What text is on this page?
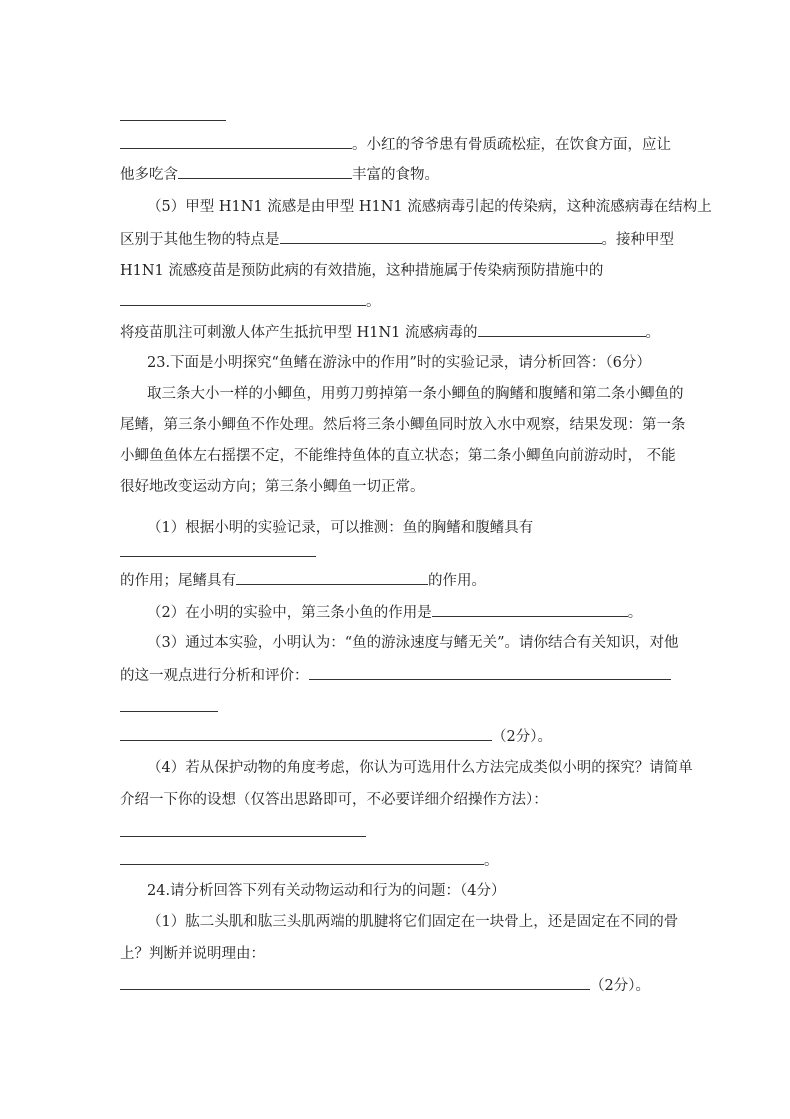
。小红的爷爷患有骨质疏松症，在饮食方面，应让
他多吃含	丰富的食物。
（5）甲型 H1N1 流感是由甲型 H1N1 流感病毒引起的传染病，这种流感病毒在结构上
区别于其他生物的特点是	。接种甲型
H1N1 流感疫苗是预防此病的有效措施，这种措施属于传染病预防措施中的
。
将疫苗肌注可刺激人体产生抵抗甲型 H1N1 流感病毒的	。
23.下面是小明探究“鱼鳍在游泳中的作用”时的实验记录，请分析回答：（6分）
取三条大小一样的小鲫鱼，用剪刀剪掉第一条小鲫鱼的胸鳍和腹鳍和第二条小鲫鱼的
尾鳍，第三条小鲫鱼不作处理。然后将三条小鲫鱼同时放入水中观察，结果发现：第一条
小鲫鱼鱼体左右摇摆不定，不能维持鱼体的直立状态；第二条小鲫鱼向前游动时， 不能
很好地改变运动方向；第三条小鲫鱼一切正常。
（1）根据小明的实验记录，可以推测：鱼的胸鳍和腹鳍具有
的作用；尾鳍具有	的作用。
（2）在小明的实验中，第三条小鱼的作用是	。
（3）通过本实验，小明认为：“鱼的游泳速度与鳍无关”。请你结合有关知识，对他
的这一观点进行分析和评价：
（2分）。
（4）若从保护动物的角度考虑，你认为可选用什么方法完成类似小明的探究？请简单
介绍一下你的设想（仅答出思路即可，不必要详细介绍操作方法）：
。
24.请分析回答下列有关动物运动和行为的问题：（4分）
（1）肱二头肌和肱三头肌两端的肌腱将它们固定在一块骨上，还是固定在不同的骨
上？判断并说明理由：
（2分）。
